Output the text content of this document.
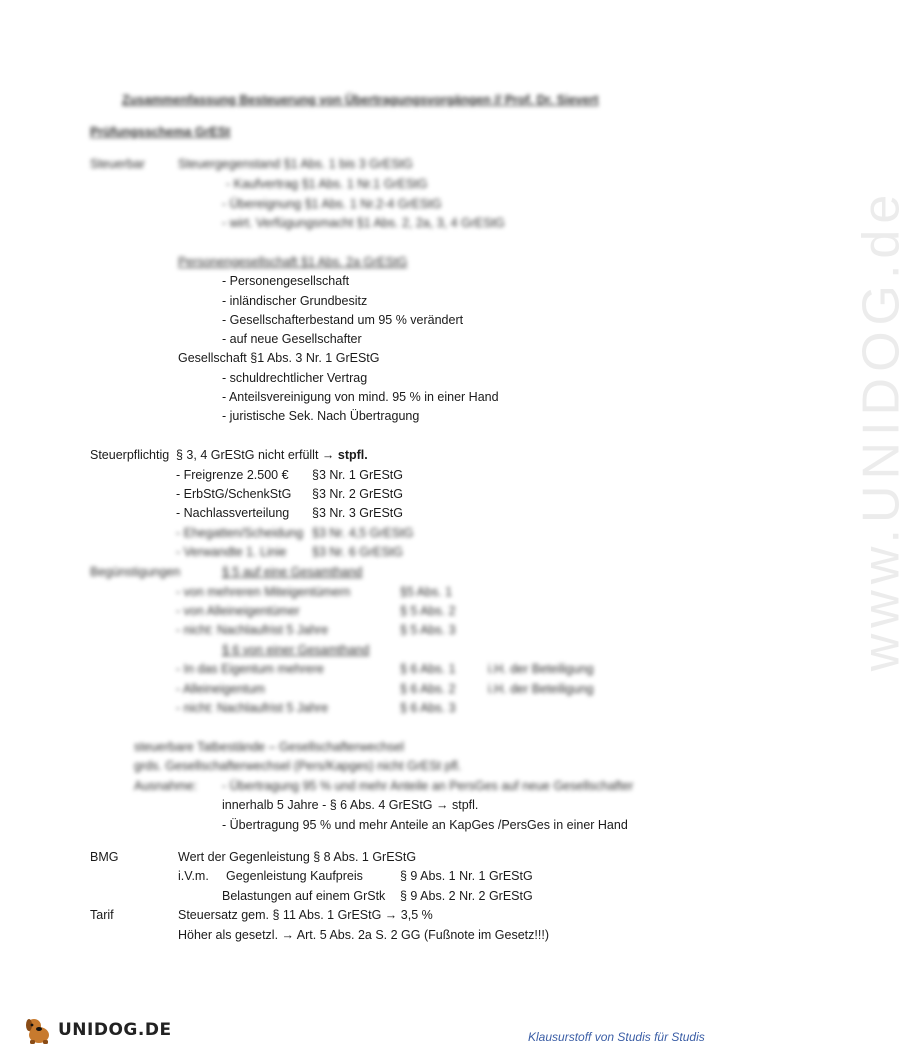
www.UNIDOG.de
Zusammenfassung Besteuerung von Übertragungsvorgängen // Prof. Dr. Sievert
Prüfungsschema GrESt
Steuerbar	Steuergegenstand §1 Abs. 1 bis 3 GrEStG
- Kaufvertrag §1 Abs. 1 Nr.1 GrEStG
- Übereignung §1 Abs. 1 Nr.2-4 GrEStG
- wirt. Verfügungsmacht §1 Abs. 2, 2a, 3, 4 GrEStG
Personengesellschaft §1 Abs. 2a GrEStG
- Personengesellschaft
- inländischer Grundbesitz
- Gesellschafterbestand um 95 % verändert
- auf neue Gesellschafter
Gesellschaft §1 Abs. 3 Nr. 1 GrEStG
- schuldrechtlicher Vertrag
- Anteilsvereinigung von mind. 95 % in einer Hand
- juristische Sek. Nach Übertragung
Steuerpflichtig § 3, 4 GrEStG nicht erfüllt → stpfl.
- Freigrenze 2.500 € §3 Nr. 1 GrEStG
- ErbStG/SchenkStG §3 Nr. 2 GrEStG
- Nachlassverteilung §3 Nr. 3 GrEStG
- Ehegatten/Scheidung §3 Nr. 4,5 GrEStG
- Verwandte 1. Linie §3 Nr. 6 GrEStG
Begünstigungen	§ 5 auf eine Gesamthand
- von mehreren Miteigentümern	§5 Abs. 1
- von Alleineigentümer	§ 5 Abs. 2
- nicht: Nachlaufrist 5 Jahre	§ 5 Abs. 3
§ 6 von einer Gesamthand
- In das Eigentum mehrere	§ 6 Abs. 1	i.H. der Beteiligung
- Alleineigentum	§ 6 Abs. 2	i.H. der Beteiligung
- nicht: Nachlaufrist 5 Jahre	§ 6 Abs. 3
steuerbare Tatbestände – Gesellschafterwechsel
grds. Gesellschafterwechsel (Pers/Kapges) nicht GrESt pfl.
Ausnahme: - Übertragung 95 % und mehr Anteile an PersGes auf neue Gesellschafter
innerhalb 5 Jahre - § 6 Abs. 4 GrEStG → stpfl.
- Übertragung 95 % und mehr Anteile an KapGes /PersGes in einer Hand
BMG	Wert der Gegenleistung § 8 Abs. 1 GrEStG
i.V.m. Gegenleistung Kaufpreis	§ 9 Abs. 1 Nr. 1 GrEStG
Belastungen auf einem GrStk § 9 Abs. 2 Nr. 2 GrEStG
Tarif	Steuersatz gem. § 11 Abs. 1 GrEStG → 3,5 %
Höher als gesetzl. → Art. 5 Abs. 2a S. 2 GG (Fußnote im Gesetz!!!)
UNIDOG.DE	Klausurstoff von Studis für Studis
